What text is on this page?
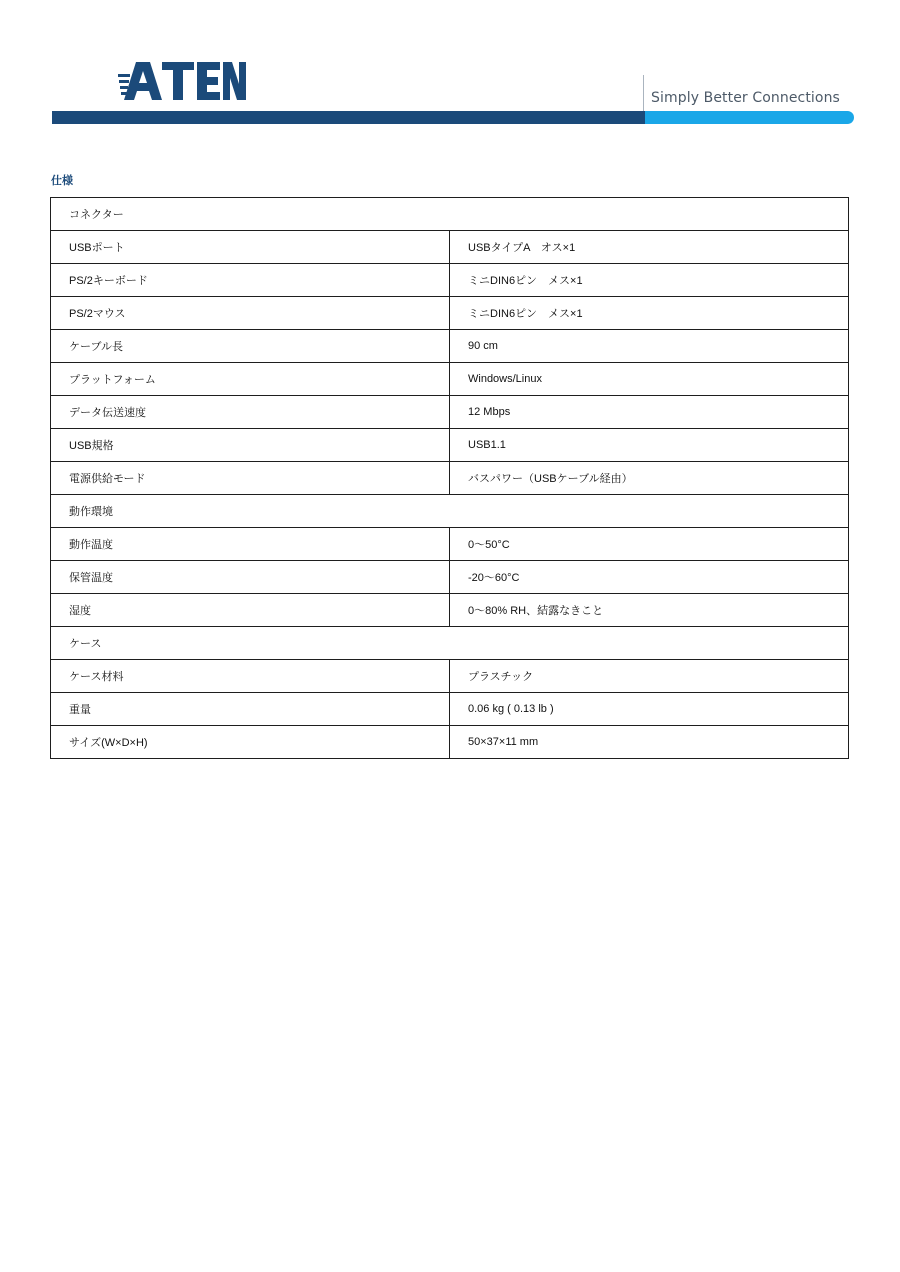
Simply Better Connections
仕様
コネクター	
USBポート	USBタイプA　オス×1
PS/2キーボード	ミニDIN6ピン　メス×1
PS/2マウス	ミニDIN6ピン　メス×1
ケーブル長	90 cm
プラットフォーム	Windows/Linux
データ伝送速度	12 Mbps
USB規格	USB1.1
電源供給モード	バスパワー（USBケーブル経由）
動作環境	
動作温度	0～50°C
保管温度	-20～60°C
湿度	0～80% RH、結露なきこと
ケース	
ケース材料	プラスチック
重量	0.06 kg ( 0.13 lb )
サイズ(W×D×H)	50×37×11 mm
